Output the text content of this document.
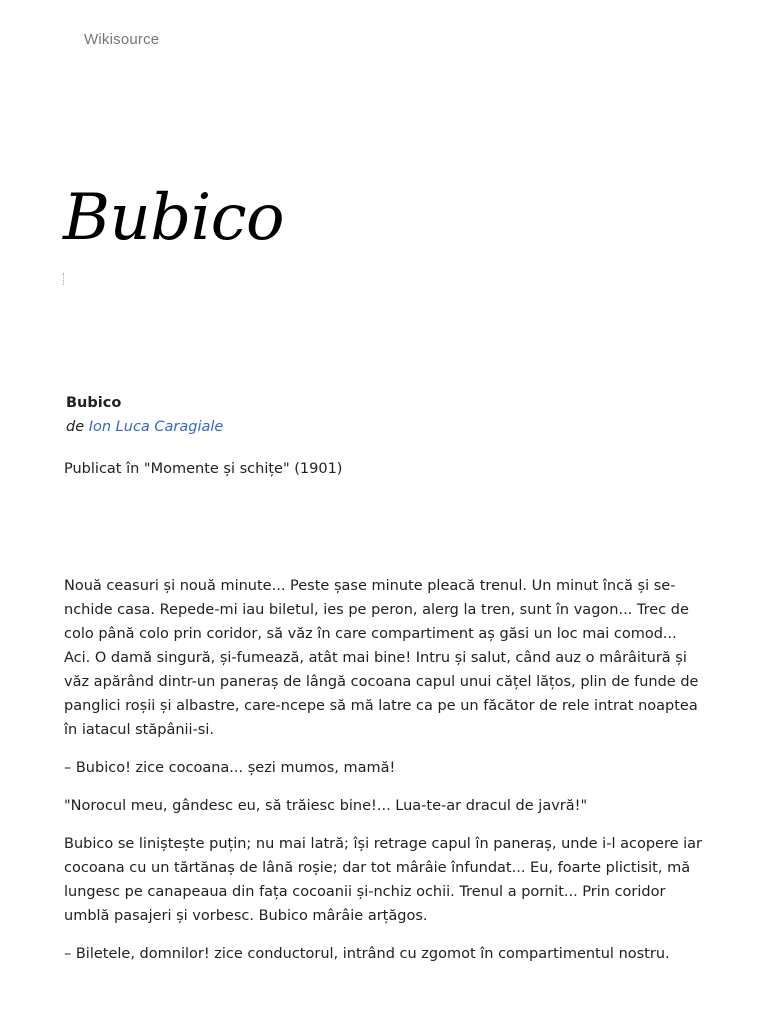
Wikisource
Bubico
Bubico
de Ion Luca Caragiale
Publicat în "Momente și schițe" (1901)

Nouă ceasuri și nouă minute... Peste șase minute pleacă trenul. Un minut încă și se-nchide casa. Repede-mi iau biletul, ies pe peron, alerg la tren, sunt în vagon... Trec de colo până colo prin coridor, să văz în care compartiment aș găsi un loc mai comod... Aci. O damă singură, și-fumează, atât mai bine! Intru și salut, când auz o mârâitură și văz apărând dintr-un paneraș de lângă cocoana capul unui cățel lățos, plin de funde de panglici roșii și albastre, care-ncepe să mă latre ca pe un făcător de rele intrat noaptea în iatacul stăpânii-si.

– Bubico! zice cocoana... șezi mumos, mamă!

"Norocul meu, gândesc eu, să trăiesc bine!... Lua-te-ar dracul de javră!"

Bubico se liniștește puțin; nu mai latră; își retrage capul în paneraș, unde i-l acopere iar cocoana cu un tărtănaș de lână roșie; dar tot mârâie înfundat... Eu, foarte plictisit, mă lungesc pe canapeaua din fața cocoanii și-nchiz ochii. Trenul a pornit... Prin coridor umblă pasajeri și vorbesc. Bubico mârâie arțăgos.

– Biletele, domnilor! zice conductorul, intrând cu zgomot în compartimentul nostru.
